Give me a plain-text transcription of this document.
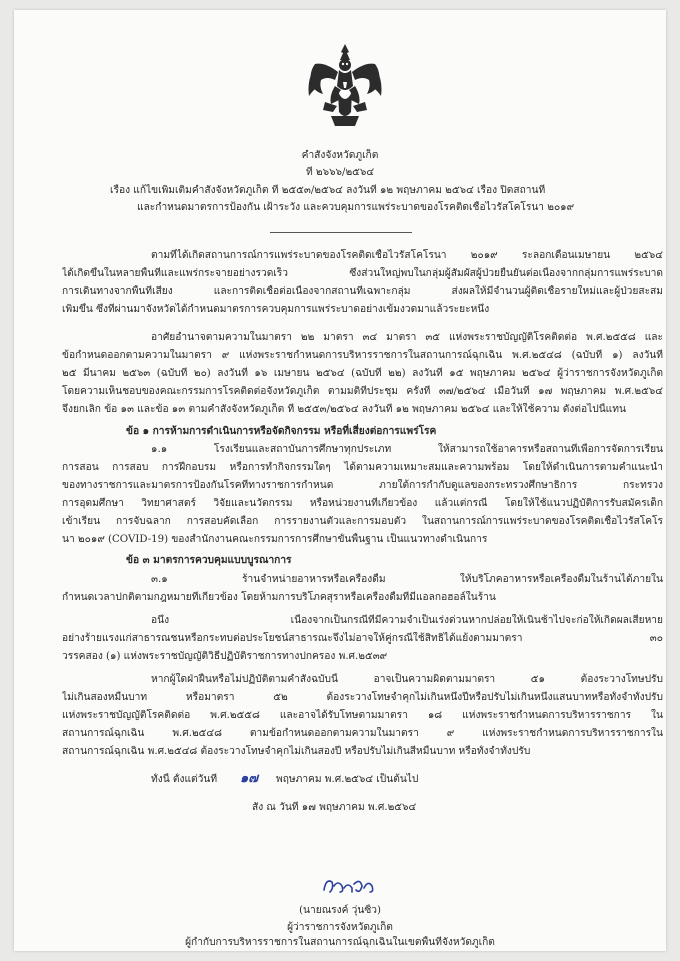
คำสั่งจังหวัดภูเก็ต
ที่ ๒๖๖๖/๒๕๖๔
เรื่อง แก้ไขเพิ่มเติมคำสั่งจังหวัดภูเก็ต ที่ ๒๕๕๓/๒๕๖๔ ลงวันที่ ๑๒ พฤษภาคม ๒๕๖๔ เรื่อง ปิดสถานที่
และกำหนดมาตรการป้องกัน เฝ้าระวัง และควบคุมการแพร่ระบาดของโรคติดเชื้อไวรัสโคโรนา ๒๐๑๙
ตามที่ได้เกิดสถานการณ์การแพร่ระบาดของโรคติดเชื้อไวรัสโคโรนา ๒๐๑๙ ระลอกเดือนเมษายน ๒๕๖๔
ได้เกิดขึ้นในหลายพื้นที่และแพร่กระจายอย่างรวดเร็ว ซึ่งส่วนใหญ่พบในกลุ่มผู้สัมผัสผู้ป่วยยืนยันต่อเนื่องจากกลุ่มการแพร่ระบาด
การเดินทางจากพื้นที่เสี่ยง และการติดเชื้อต่อเนื่องจากสถานที่เฉพาะกลุ่ม ส่งผลให้มีจำนวนผู้ติดเชื้อรายใหม่และผู้ป่วยสะสม
เพิ่มขึ้น ซึ่งที่ผ่านมาจังหวัดได้กำหนดมาตรการควบคุมการแพร่ระบาดอย่างเข้มงวดมาแล้วระยะหนึ่ง
อาศัยอำนาจตามความในมาตรา ๒๒ มาตรา ๓๔ มาตรา ๓๕ แห่งพระราชบัญญัติโรคติดต่อ พ.ศ.๒๕๕๘ และ
ข้อกำหนดออกตามความในมาตรา ๙ แห่งพระราชกำหนดการบริหารราชการในสถานการณ์ฉุกเฉิน พ.ศ.๒๕๔๘ (ฉบับที่ ๑) ลงวันที่
๒๕ มีนาคม ๒๕๖๓ (ฉบับที่ ๒๐) ลงวันที่ ๑๖ เมษายน ๒๕๖๔ (ฉบับที่ ๒๒) ลงวันที่ ๑๕ พฤษภาคม ๒๕๖๔ ผู้ว่าราชการจังหวัดภูเก็ต
โดยความเห็นชอบของคณะกรรมการโรคติดต่อจังหวัดภูเก็ต ตามมติที่ประชุม ครั้งที่ ๓๗/๒๕๖๔ เมื่อวันที่ ๑๗ พฤษภาคม พ.ศ.๒๕๖๔
จึงยกเลิก ข้อ ๑๓ และข้อ ๑๓ ตามคำสั่งจังหวัดภูเก็ต ที่ ๒๕๕๓/๒๕๖๔ ลงวันที่ ๑๒ พฤษภาคม ๒๕๖๔ และให้ใช้ความ ดังต่อไปนี้แทน
ข้อ ๑ การห้ามการดำเนินการหรือจัดกิจกรรม หรือที่เสี่ยงต่อการแพร่โรค
๑.๑ โรงเรียนและสถาบันการศึกษาทุกประเภท ให้สามารถใช้อาคารหรือสถานที่เพื่อการจัดการเรียน
การสอน การสอบ การฝึกอบรม หรือการทำกิจกรรมใดๆ ได้ตามความเหมาะสมและความพร้อม โดยให้ดำเนินการตามคำแนะนำ
ของทางราชการและมาตรการป้องกันโรคที่ทางราชการกำหนด ภายใต้การกำกับดูแลของกระทรวงศึกษาธิการ กระทรวง
การอุดมศึกษา วิทยาศาสตร์ วิจัยและนวัตกรรม หรือหน่วยงานที่เกี่ยวข้อง แล้วแต่กรณี โดยให้ใช้แนวปฏิบัติการรับสมัครเด็ก
เข้าเรียน การจับฉลาก การสอบคัดเลือก การรายงานตัวและการมอบตัว ในสถานการณ์การแพร่ระบาดของโรคติดเชื้อไวรัสโคโร
นา ๒๐๑๙ (COVID-19) ของสำนักงานคณะกรรมการการศึกษาขั้นพื้นฐาน เป็นแนวทางดำเนินการ
ข้อ ๓ มาตรการควบคุมแบบบูรณาการ
๓.๑ ร้านจำหน่ายอาหารหรือเครื่องดื่ม ให้บริโภคอาหารหรือเครื่องดื่มในร้านได้ภายใน
กำหนดเวลาปกติตามกฎหมายที่เกี่ยวข้อง โดยห้ามการบริโภคสุราหรือเครื่องดื่มที่มีแอลกอฮอล์ในร้าน
อนึ่ง เนื่องจากเป็นกรณีที่มีความจำเป็นเร่งด่วนหากปล่อยให้เนิ่นช้าไปจะก่อให้เกิดผลเสียหาย
อย่างร้ายแรงแก่สาธารณชนหรือกระทบต่อประโยชน์สาธารณะจึงไม่อาจให้คู่กรณีใช้สิทธิได้แย้งตามมาตรา ๓๐
วรรคสอง (๑) แห่งพระราชบัญญัติวิธีปฏิบัติราชการทางปกครอง พ.ศ.๒๕๓๙
หากผู้ใดฝ่าฝืนหรือไม่ปฏิบัติตามคำสั่งฉบับนี้ อาจเป็นความผิดตามมาตรา ๕๑ ต้องระวางโทษปรับ
ไม่เกินสองหมื่นบาท หรือมาตรา ๕๒ ต้องระวางโทษจำคุกไม่เกินหนึ่งปีหรือปรับไม่เกินหนึ่งแสนบาทหรือทั้งจำทั้งปรับ
แห่งพระราชบัญญัติโรคติดต่อ พ.ศ.๒๕๕๘ และอาจได้รับโทษตามมาตรา ๑๘ แห่งพระราชกำหนดการบริหารราชการ ใน
สถานการณ์ฉุกเฉิน พ.ศ.๒๕๔๘ ตามข้อกำหนดออกตามความในมาตรา ๙ แห่งพระราชกำหนดการบริหารราชการใน
สถานการณ์ฉุกเฉิน พ.ศ.๒๕๔๘ ต้องระวางโทษจำคุกไม่เกินสองปี หรือปรับไม่เกินสี่หมื่นบาท หรือทั้งจำทั้งปรับ
ทั้งนี้ ตั้งแต่วันที่	๑๗	พฤษภาคม พ.ศ.๒๕๖๔ เป็นต้นไป
สั่ง ณ วันที่ ๑๗ พฤษภาคม พ.ศ.๒๕๖๔
(นายณรงค์ วุ่นซิ้ว)
ผู้ว่าราชการจังหวัดภูเก็ต
ผู้กำกับการบริหารราชการในสถานการณ์ฉุกเฉินในเขตพื้นที่จังหวัดภูเก็ต
